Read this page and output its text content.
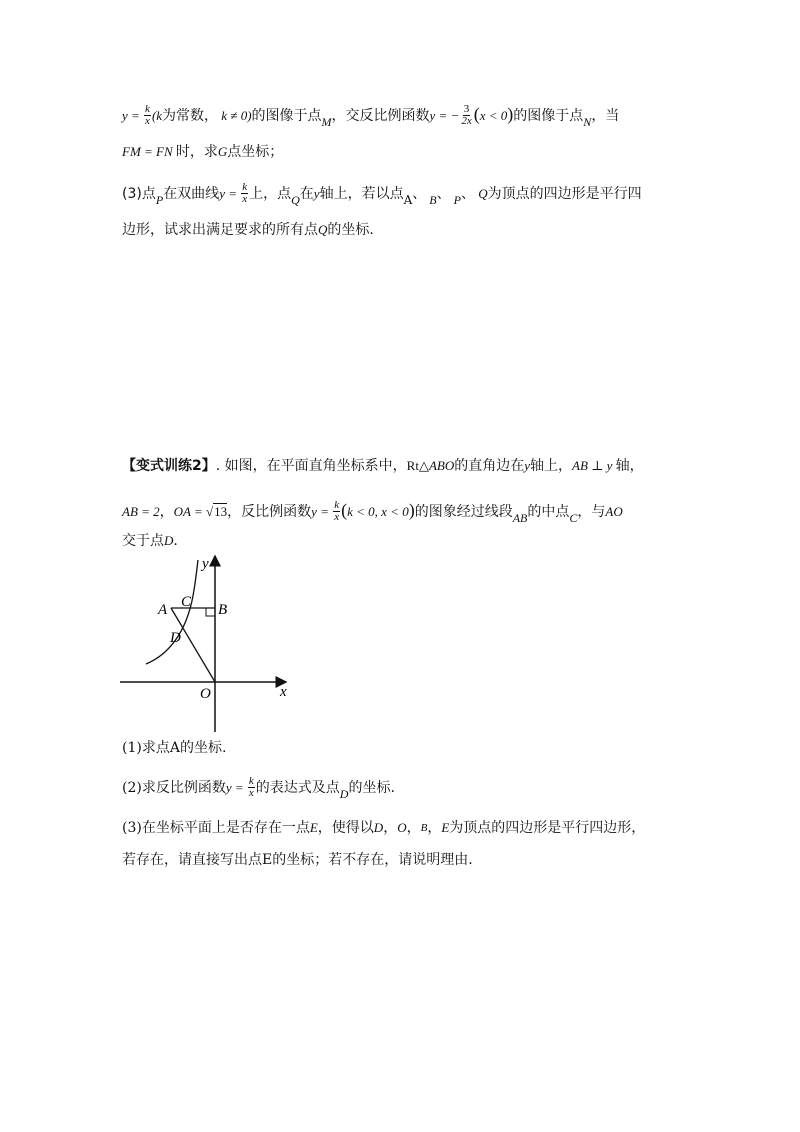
$y = \frac{k}{x} (k$ 为常数， k ≠ 0) 的图像于点 M ，交反比例函数 y = − $\frac{3}{2x} (x < 0)$ 的图像于点 N ，当
FM = FN 时，求 G 点坐标；
(3)点 P 在双曲线 $y = \frac{k}{x}$ 上，点 Q 在 y 轴上，若以点 A 、 B 、 P 、 Q 为顶点的四边形是平行四
边形，试求出满足要求的所有点 Q 的坐标.
【变式训练2】 . 如图，在平面直角坐标系中， Rt △ABO 的直角边在 y 轴上， AB ⊥ y 轴，
AB = 2 ， OA = √13 ，反比例函数 $y = \frac{k}{x} (k < 0$, x < 0) 的图象经过线段 AB 的中点 C ，与 AO
交于点 D .
y
x
O
A	B
C
D
(1)求点A的坐标.
(2)求反比例函数 $y = \frac{k}{x}$ 的表达式及点 D 的坐标.
(3)在坐标平面上是否存在一点 E ，使得以 D ， O ， B ， E 为顶点的四边形是平行四边形，
若存在，请直接写出点E的坐标；若不存在，请说明理由.
